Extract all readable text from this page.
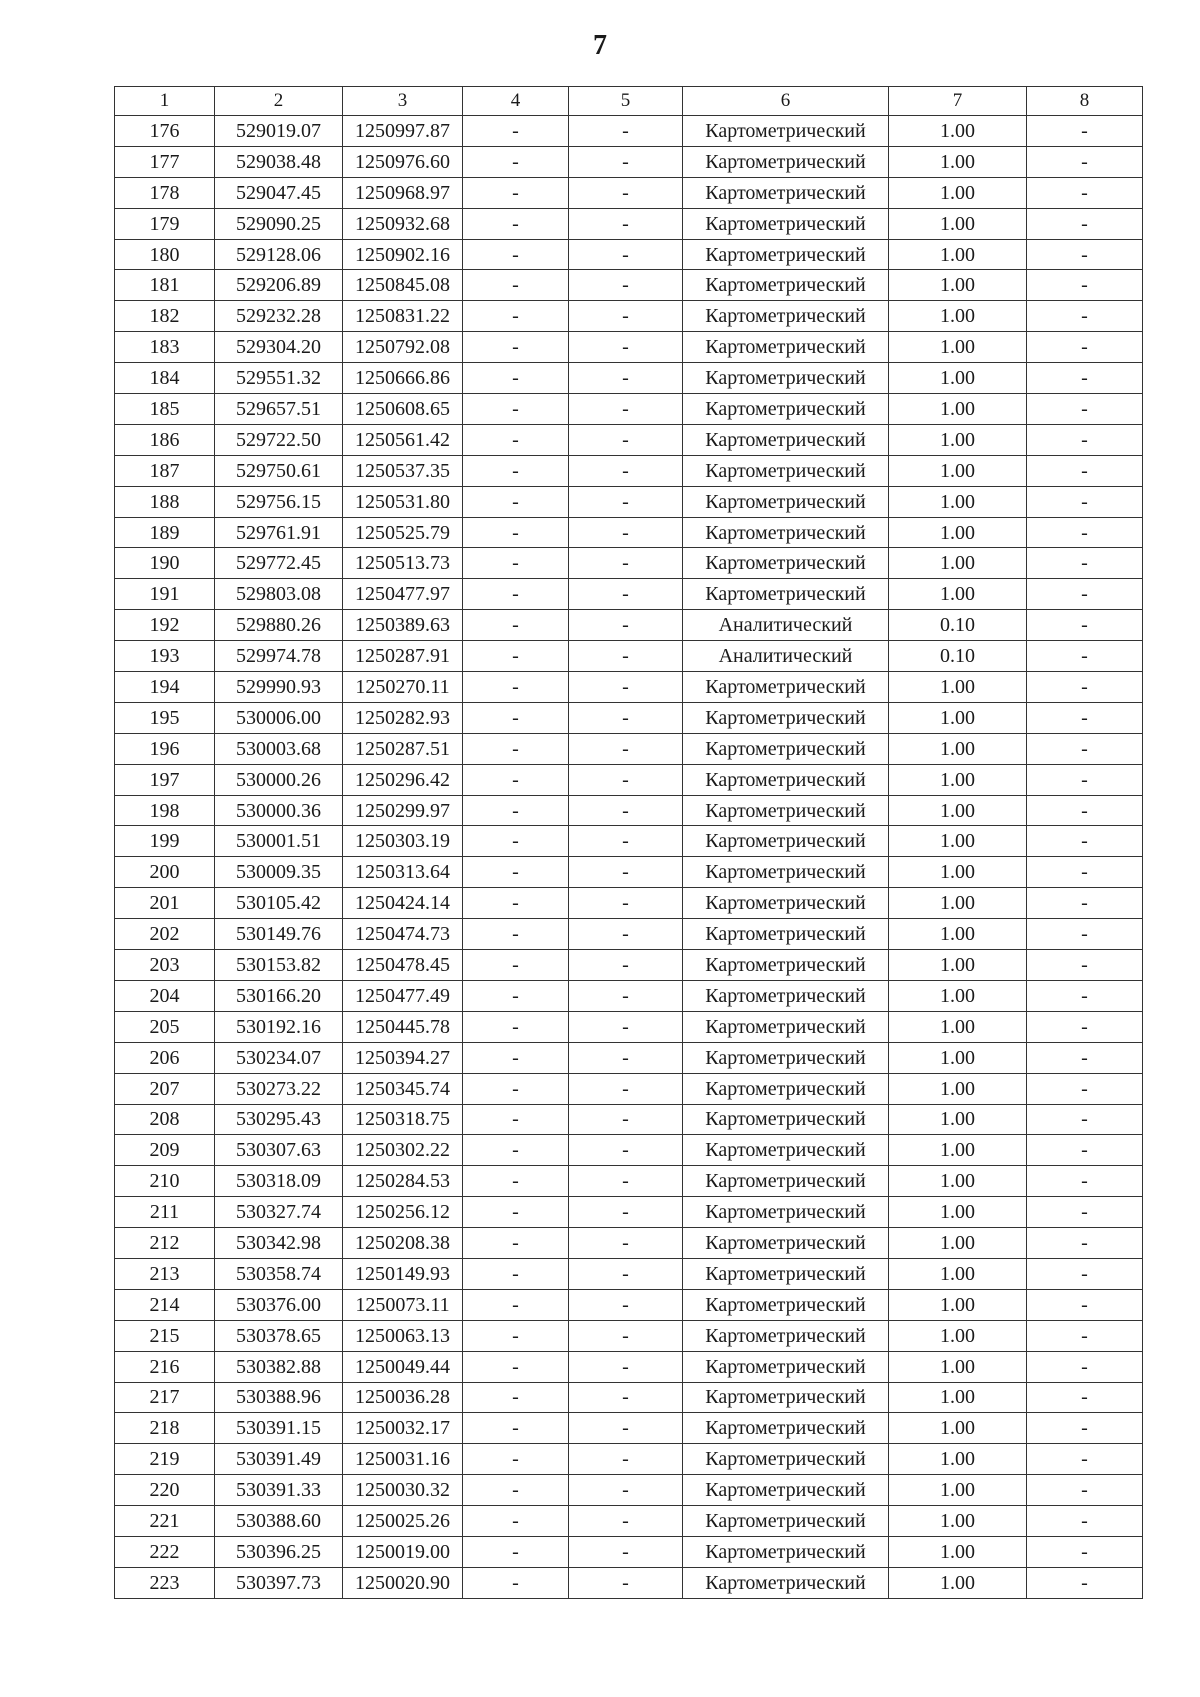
7
1	2	3	4	5	6	7	8
176	529019.07	1250997.87	-	-	Картометрический	1.00	-
177	529038.48	1250976.60	-	-	Картометрический	1.00	-
178	529047.45	1250968.97	-	-	Картометрический	1.00	-
179	529090.25	1250932.68	-	-	Картометрический	1.00	-
180	529128.06	1250902.16	-	-	Картометрический	1.00	-
181	529206.89	1250845.08	-	-	Картометрический	1.00	-
182	529232.28	1250831.22	-	-	Картометрический	1.00	-
183	529304.20	1250792.08	-	-	Картометрический	1.00	-
184	529551.32	1250666.86	-	-	Картометрический	1.00	-
185	529657.51	1250608.65	-	-	Картометрический	1.00	-
186	529722.50	1250561.42	-	-	Картометрический	1.00	-
187	529750.61	1250537.35	-	-	Картометрический	1.00	-
188	529756.15	1250531.80	-	-	Картометрический	1.00	-
189	529761.91	1250525.79	-	-	Картометрический	1.00	-
190	529772.45	1250513.73	-	-	Картометрический	1.00	-
191	529803.08	1250477.97	-	-	Картометрический	1.00	-
192	529880.26	1250389.63	-	-	Аналитический	0.10	-
193	529974.78	1250287.91	-	-	Аналитический	0.10	-
194	529990.93	1250270.11	-	-	Картометрический	1.00	-
195	530006.00	1250282.93	-	-	Картометрический	1.00	-
196	530003.68	1250287.51	-	-	Картометрический	1.00	-
197	530000.26	1250296.42	-	-	Картометрический	1.00	-
198	530000.36	1250299.97	-	-	Картометрический	1.00	-
199	530001.51	1250303.19	-	-	Картометрический	1.00	-
200	530009.35	1250313.64	-	-	Картометрический	1.00	-
201	530105.42	1250424.14	-	-	Картометрический	1.00	-
202	530149.76	1250474.73	-	-	Картометрический	1.00	-
203	530153.82	1250478.45	-	-	Картометрический	1.00	-
204	530166.20	1250477.49	-	-	Картометрический	1.00	-
205	530192.16	1250445.78	-	-	Картометрический	1.00	-
206	530234.07	1250394.27	-	-	Картометрический	1.00	-
207	530273.22	1250345.74	-	-	Картометрический	1.00	-
208	530295.43	1250318.75	-	-	Картометрический	1.00	-
209	530307.63	1250302.22	-	-	Картометрический	1.00	-
210	530318.09	1250284.53	-	-	Картометрический	1.00	-
211	530327.74	1250256.12	-	-	Картометрический	1.00	-
212	530342.98	1250208.38	-	-	Картометрический	1.00	-
213	530358.74	1250149.93	-	-	Картометрический	1.00	-
214	530376.00	1250073.11	-	-	Картометрический	1.00	-
215	530378.65	1250063.13	-	-	Картометрический	1.00	-
216	530382.88	1250049.44	-	-	Картометрический	1.00	-
217	530388.96	1250036.28	-	-	Картометрический	1.00	-
218	530391.15	1250032.17	-	-	Картометрический	1.00	-
219	530391.49	1250031.16	-	-	Картометрический	1.00	-
220	530391.33	1250030.32	-	-	Картометрический	1.00	-
221	530388.60	1250025.26	-	-	Картометрический	1.00	-
222	530396.25	1250019.00	-	-	Картометрический	1.00	-
223	530397.73	1250020.90	-	-	Картометрический	1.00	-
